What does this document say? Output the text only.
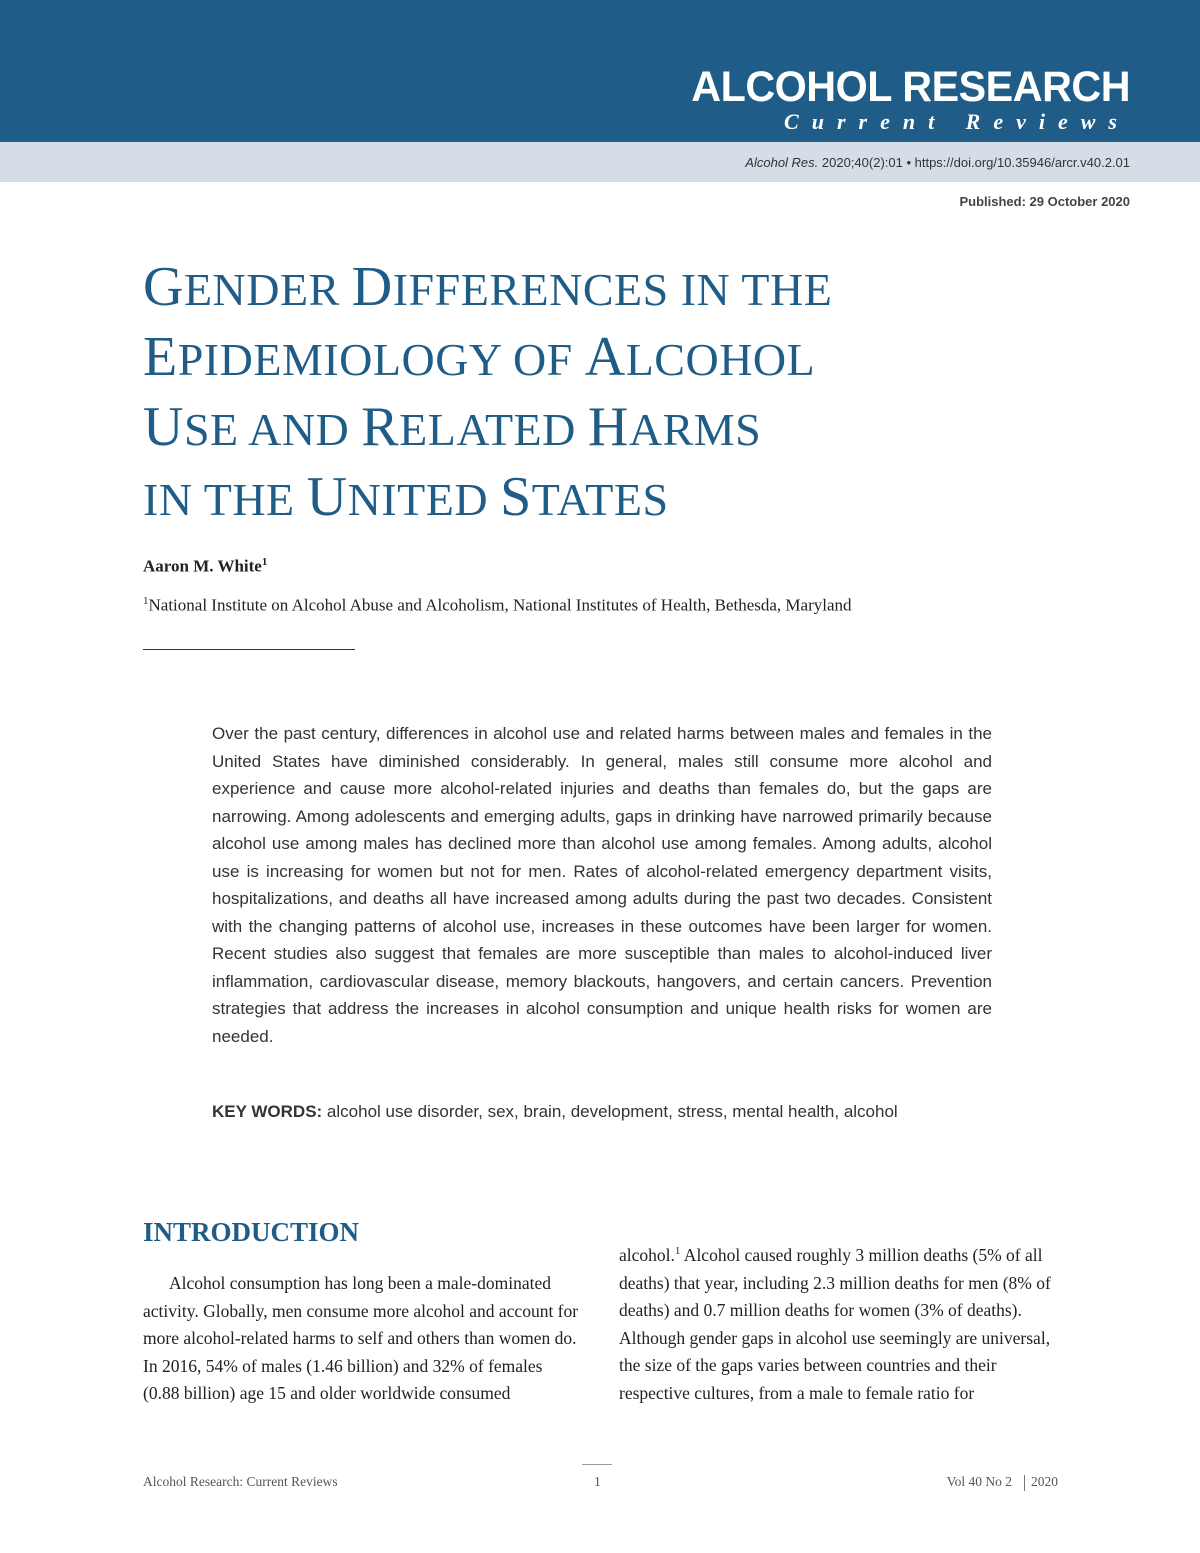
ALCOHOL RESEARCH
Current Reviews
Alcohol Res. 2020;40(2):01 • https://doi.org/10.35946/arcr.v40.2.01
Published: 29 October 2020
GENDER DIFFERENCES IN THE
EPIDEMIOLOGY OF ALCOHOL
USE AND RELATED HARMS
IN THE UNITED STATES
Aaron M. White$^1$
$^1$National Institute on Alcohol Abuse and Alcoholism, National Institutes of Health, Bethesda, Maryland

Over the past century, differences in alcohol use and related harms between males and females in the United States have diminished considerably. In general, males still consume more alcohol and experience and cause more alcohol-related injuries and deaths than females do, but the gaps are narrowing. Among adolescents and emerging adults, gaps in drinking have narrowed primarily because alcohol use among males has declined more than alcohol use among females. Among adults, alcohol use is increasing for women but not for men. Rates of alcohol-related emergency department visits, hospitalizations, and deaths all have increased among adults during the past two decades. Consistent with the changing patterns of alcohol use, increases in these outcomes have been larger for women. Recent studies also suggest that females are more susceptible than males to alcohol-induced liver inflammation, cardiovascular disease, memory blackouts, hangovers, and certain cancers. Prevention strategies that address the increases in alcohol consumption and unique health risks for women are needed.

KEY WORDS: alcohol use disorder, sex, brain, development, stress, mental health, alcohol
INTRODUCTION

Alcohol consumption has long been a male-dominated activity. Globally, men consume more alcohol and account for more alcohol-related harms to self and others than women do. In 2016, 54% of males (1.46 billion) and 32% of females (0.88 billion) age 15 and older worldwide consumed

alcohol.$^1$ Alcohol caused roughly 3 million deaths (5% of all deaths) that year, including 2.3 million deaths for men (8% of deaths) and 0.7 million deaths for women (3% of deaths). Although gender gaps in alcohol use seemingly are universal, the size of the gaps varies between countries and their respective cultures, from a male to female ratio for

Alcohol Research: Current Reviews	1	Vol 40 No 2 2020
